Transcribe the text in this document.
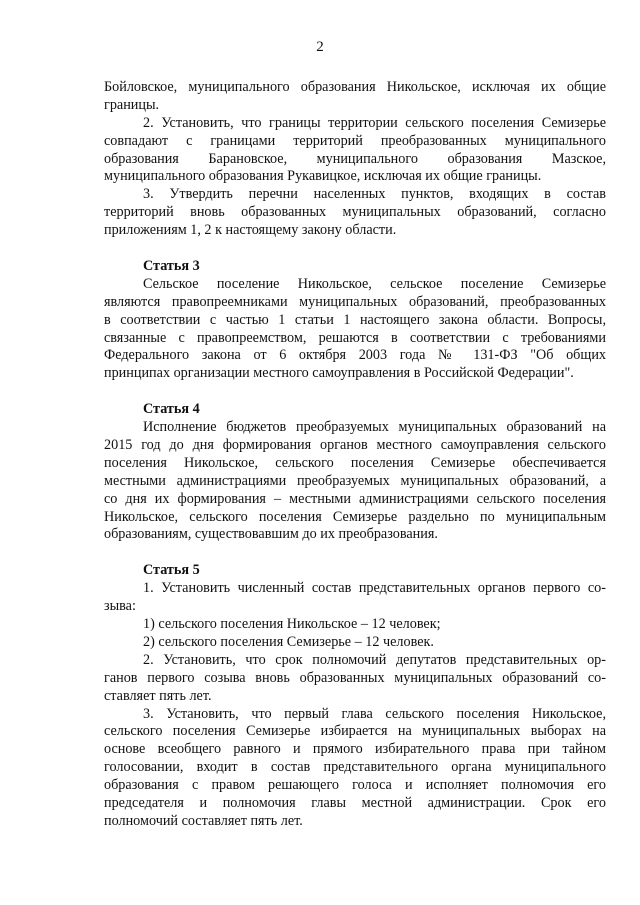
2
Бойловское, муниципального образования Никольское, исключая их общие
границы.
2. Установить, что границы территории сельского поселения Семизерье
совпадают с границами территорий преобразованных муниципального
образования Барановское, муниципального образования Мазское,
муниципального образования Рукавицкое, исключая их общие границы.
3. Утвердить перечни населенных пунктов, входящих в состав
территорий вновь образованных муниципальных образований, согласно
приложениям 1, 2 к настоящему закону области.
Статья 3
Сельское поселение Никольское, сельское поселение Семизерье
являются правопреемниками муниципальных образований, преобразованных
в соответствии с частью 1 статьи 1 настоящего закона области. Вопросы,
связанные с правопреемством, решаются в соответствии с требованиями
Федерального закона от 6 октября 2003 года № 131-ФЗ "Об общих
принципах организации местного самоуправления в Российской Федерации".
Статья 4
Исполнение бюджетов преобразуемых муниципальных образований на
2015 год до дня формирования органов местного самоуправления сельского
поселения Никольское, сельского поселения Семизерье обеспечивается
местными администрациями преобразуемых муниципальных образований, а
со дня их формирования – местными администрациями сельского поселения
Никольское, сельского поселения Семизерье раздельно по муниципальным
образованиям, существовавшим до их преобразования.
Статья 5
1. Установить численный состав представительных органов первого со-
зыва:
1) сельского поселения Никольское – 12 человек;
2) сельского поселения Семизерье – 12 человек.
2. Установить, что срок полномочий депутатов представительных ор-
ганов первого созыва вновь образованных муниципальных образований со-
ставляет пять лет.
3. Установить, что первый глава сельского поселения Никольское,
сельского поселения Семизерье избирается на муниципальных выборах на
основе всеобщего равного и прямого избирательного права при тайном
голосовании, входит в состав представительного органа муниципального
образования с правом решающего голоса и исполняет полномочия его
председателя и полномочия главы местной администрации. Срок его
полномочий составляет пять лет.
